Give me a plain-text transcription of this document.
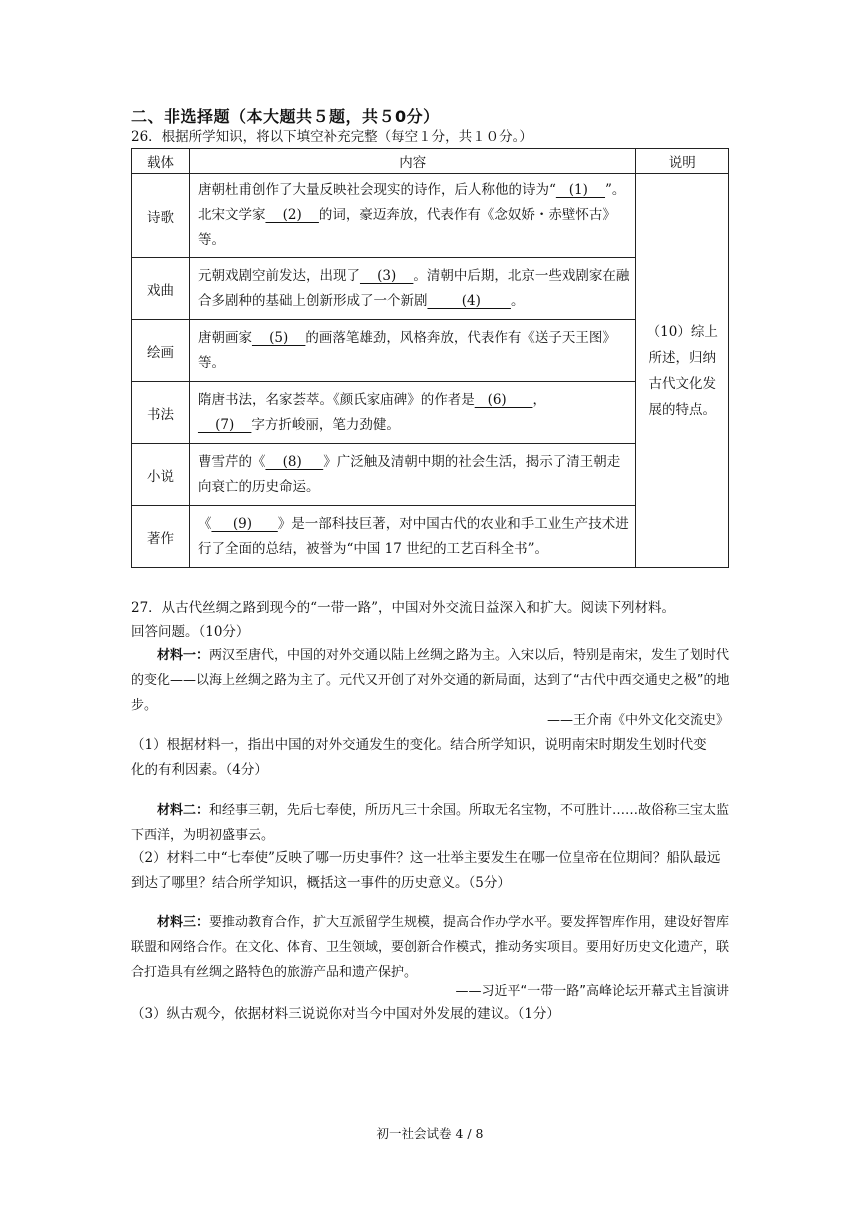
二、非选择题（本大题共５题，共５0分）
26．根据所学知识，将以下填空补充完整（每空１分，共１０分。）
载体	内容	说明
诗歌	唐朝杜甫创作了大量反映社会现实的诗作，后人称他的诗为“   (1)    ”。北宋文学家    (2)    的词，豪迈奔放，代表作有《念奴娇・赤壁怀古》等。	（10）综上所述，归纳古代文化发展的特点。
戏曲	元朝戏剧空前发达，出现了    (3)    。清朝中后期，北京一些戏剧家在融合多剧种的基础上创新形成了一个新剧        (4)       。	
绘画	唐朝画家    (5)    的画落笔雄劲，风格奔放，代表作有《送子天王图》等。	
书法	隋唐书法，名家荟萃。《颜氏家庙碑》的作者是   (6)      ，
(7)    字方折峻丽，笔力劲健。	
小说	曹雪芹的《    (8)     》广泛触及清朝中期的社会生活，揭示了清王朝走向衰亡的历史命运。	
著作	《     (9)      》是一部科技巨著，对中国古代的农业和手工业生产技术进行了全面的总结，被誉为“中国 17 世纪的工艺百科全书”。	
27．从古代丝绸之路到现今的“一带一路”，中国对外交流日益深入和扩大。阅读下列材料。
回答问题。（10分）
材料一：两汉至唐代，中国的对外交通以陆上丝绸之路为主。入宋以后，特别是南宋，发生了划时代的变化——以海上丝绸之路为主了。元代又开创了对外交通的新局面，达到了“古代中西交通史之极”的地步。
——王介南《中外文化交流史》
（1）根据材料一，指出中国的对外交通发生的变化。结合所学知识，说明南宋时期发生划时代变化的有利因素。（4分）
材料二：和经事三朝，先后七奉使，所历凡三十余国。所取无名宝物，不可胜计……故俗称三宝太监下西洋，为明初盛事云。
（2）材料二中“七奉使”反映了哪一历史事件？这一壮举主要发生在哪一位皇帝在位期间？船队最远到达了哪里？结合所学知识，概括这一事件的历史意义。（5分）
材料三：要推动教育合作，扩大互派留学生规模，提高合作办学水平。要发挥智库作用，建设好智库联盟和网络合作。在文化、体育、卫生领域，要创新合作模式，推动务实项目。要用好历史文化遗产，联合打造具有丝绸之路特色的旅游产品和遗产保护。
——习近平“一带一路”高峰论坛开幕式主旨演讲
（3）纵古观今，依据材料三说说你对当今中国对外发展的建议。（1分）
初一社会试卷 4 / 8
